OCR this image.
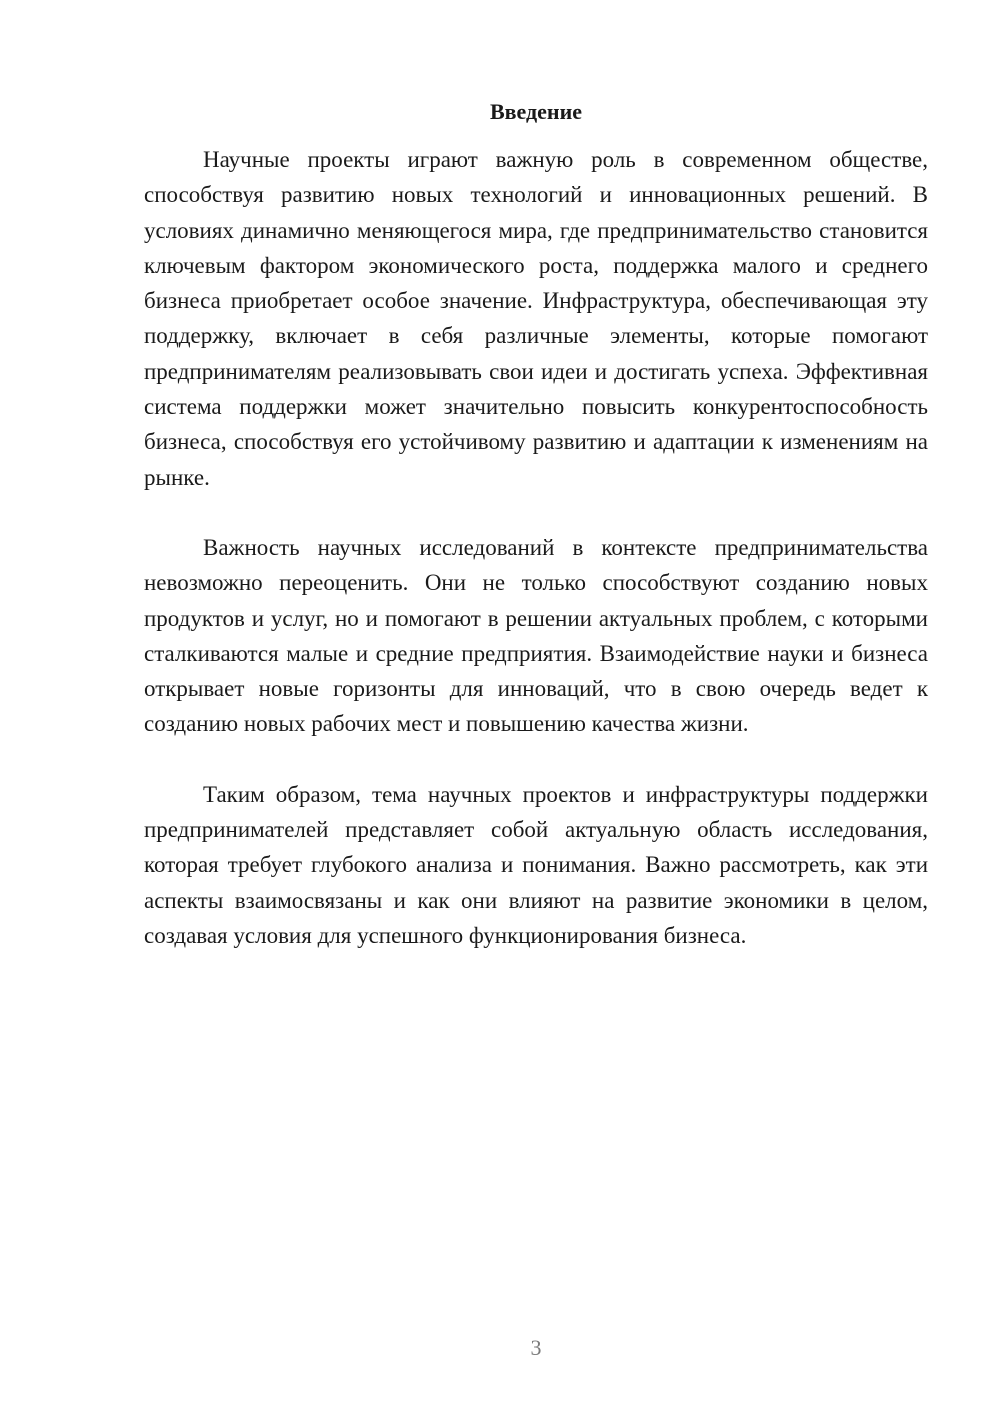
Введение

Научные проекты играют важную роль в современном обществе, способствуя развитию новых технологий и инновационных решений. В условиях динамично меняющегося мира, где предпринимательство становится ключевым фактором экономического роста, поддержка малого и среднего бизнеса приобретает особое значение. Инфраструктура, обеспечивающая эту поддержку, включает в себя различные элементы, которые помогают предпринимателям реализовывать свои идеи и достигать успеха. Эффективная система поддержки может значительно повысить конкурентоспособность бизнеса, способствуя его устойчивому развитию и адаптации к изменениям на рынке.

Важность научных исследований в контексте предпринимательства невозможно переоценить. Они не только способствуют созданию новых продуктов и услуг, но и помогают в решении актуальных проблем, с которыми сталкиваются малые и средние предприятия. Взаимодействие науки и бизнеса открывает новые горизонты для инноваций, что в свою очередь ведет к созданию новых рабочих мест и повышению качества жизни.

Таким образом, тема научных проектов и инфраструктуры поддержки предпринимателей представляет собой актуальную область исследования, которая требует глубокого анализа и понимания. Важно рассмотреть, как эти аспекты взаимосвязаны и как они влияют на развитие экономики в целом, создавая условия для успешного функционирования бизнеса.

3
